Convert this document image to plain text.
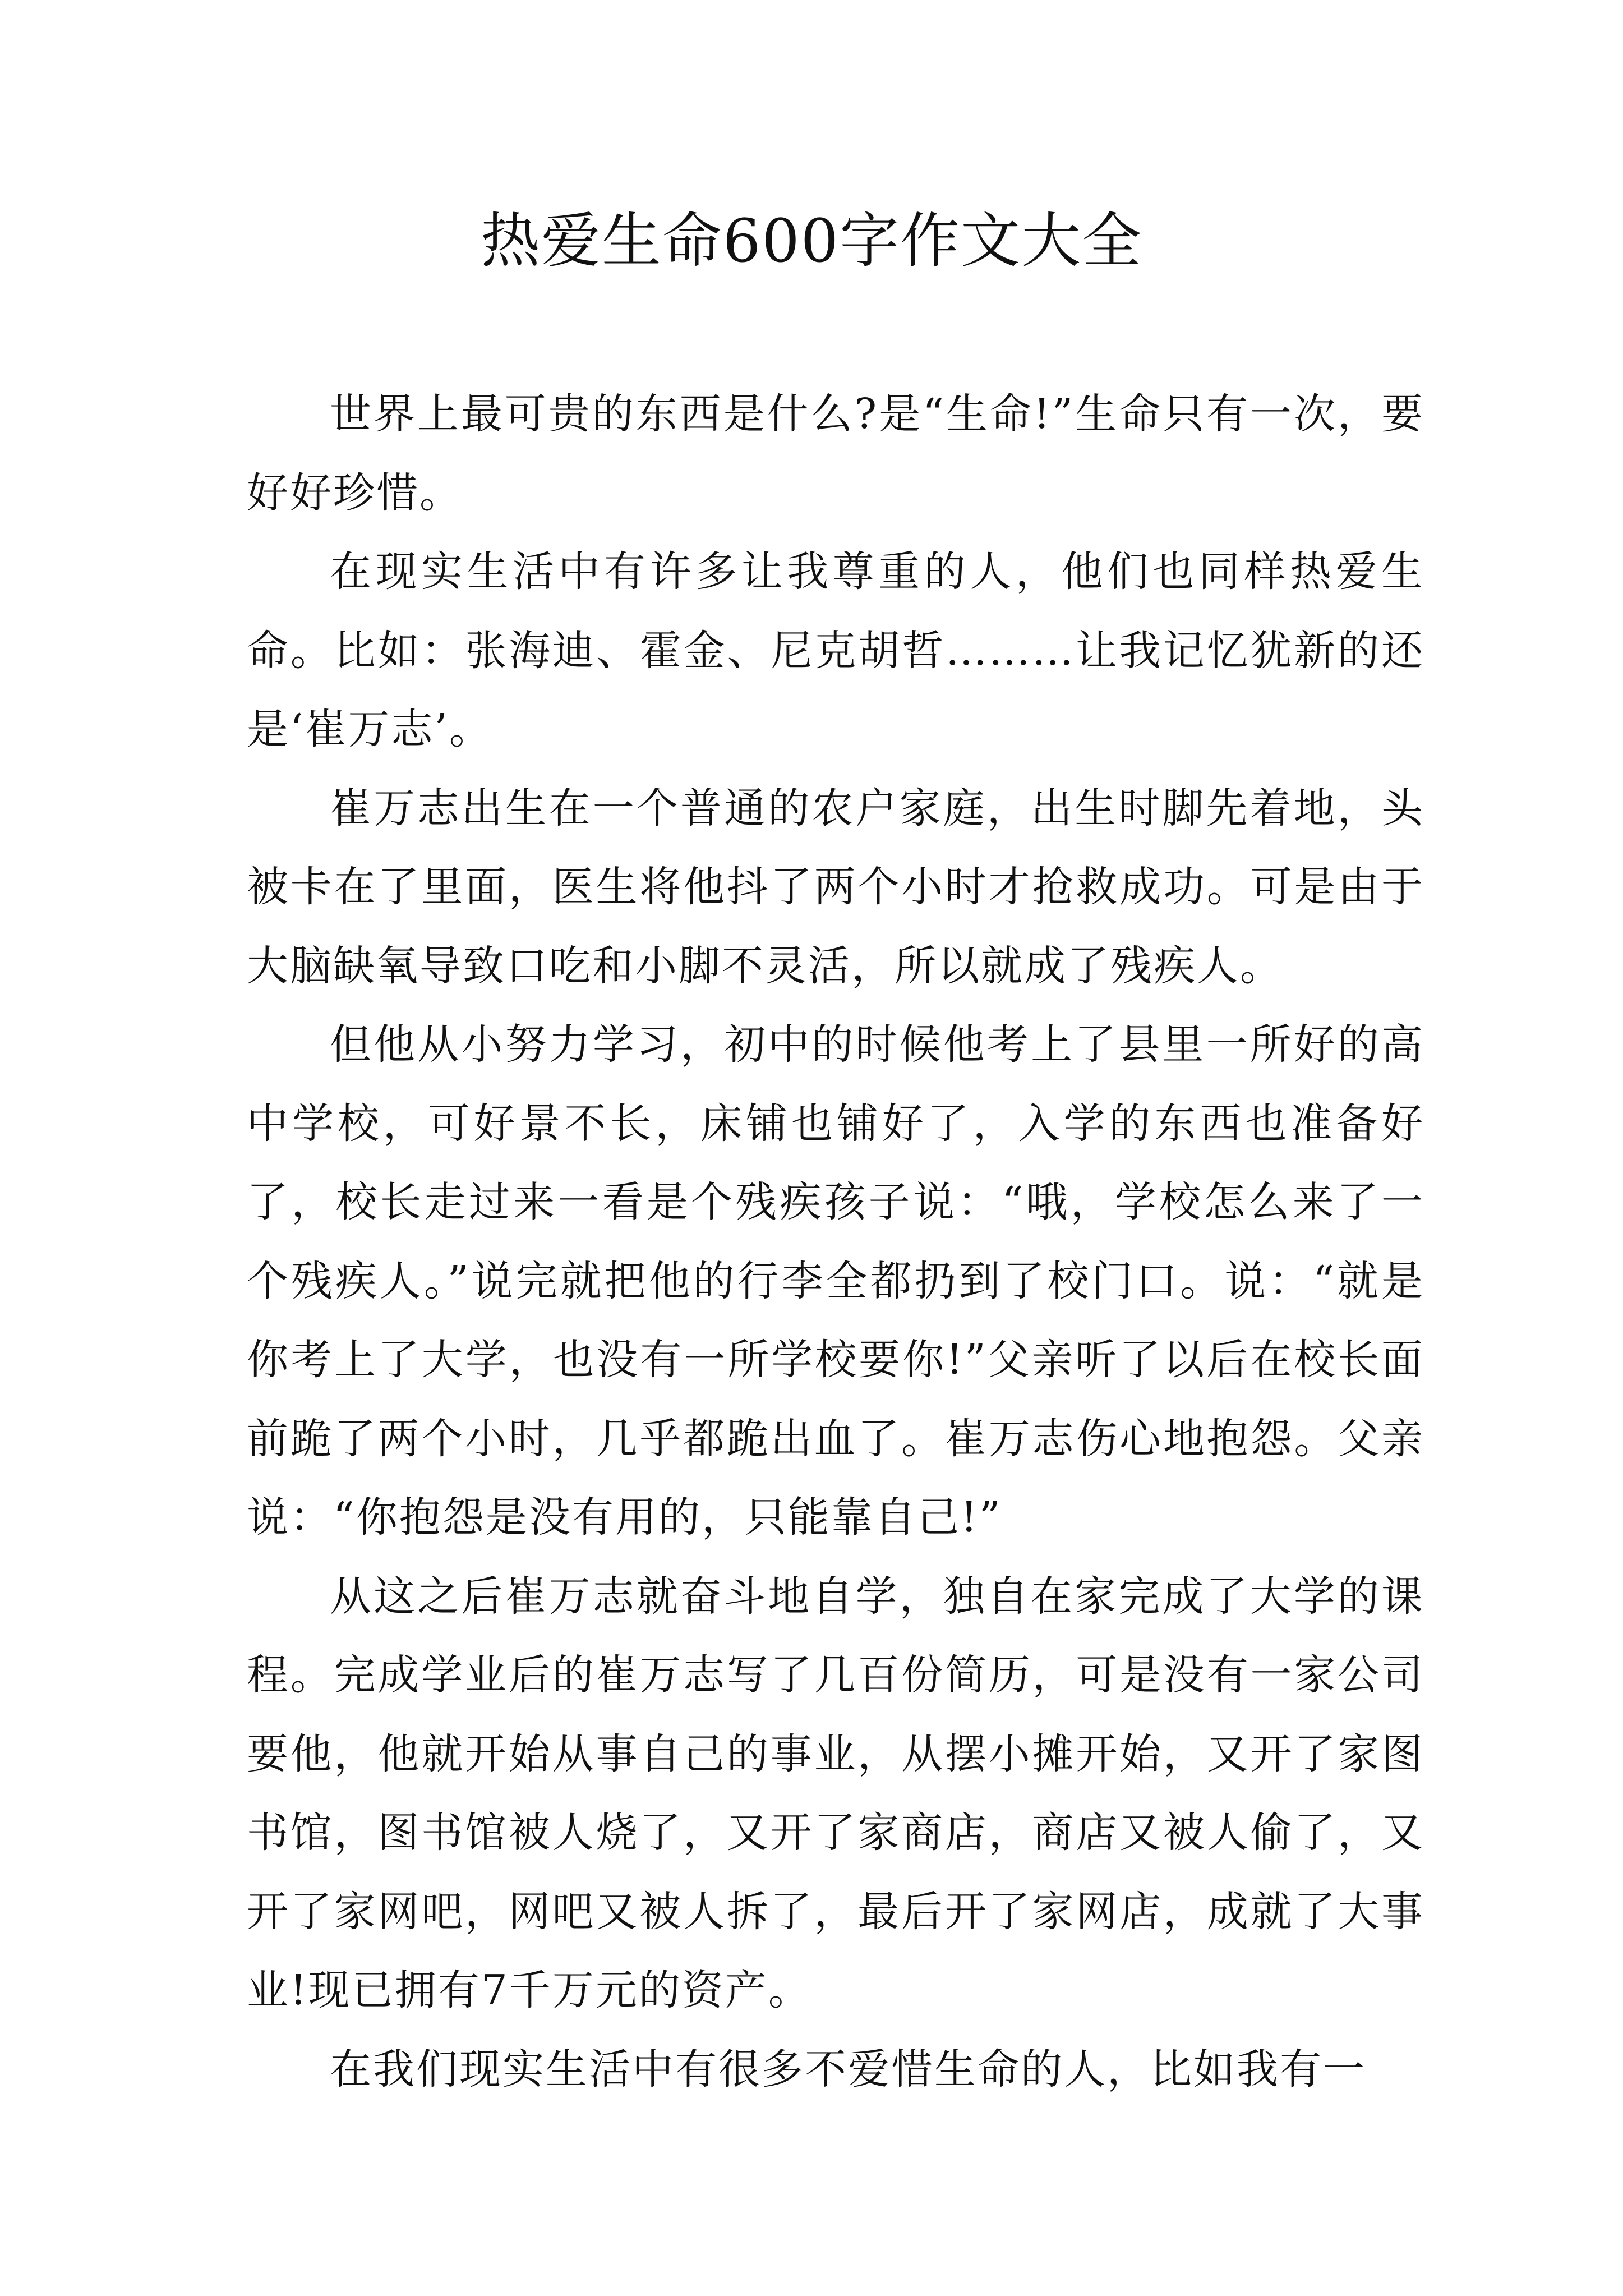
热爱生命600字作文大全

世界上最可贵的东西是什么?是“生命!”生命只有一次，要好好珍惜。

在现实生活中有许多让我尊重的人，他们也同样热爱生命。比如：张海迪、霍金、尼克胡哲………让我记忆犹新的还是‘崔万志’。

崔万志出生在一个普通的农户家庭，出生时脚先着地，头被卡在了里面，医生将他抖了两个小时才抢救成功。可是由于大脑缺氧导致口吃和小脚不灵活，所以就成了残疾人。

但他从小努力学习，初中的时候他考上了县里一所好的高中学校，可好景不长，床铺也铺好了，入学的东西也准备好了，校长走过来一看是个残疾孩子说：“哦，学校怎么来了一个残疾人。”说完就把他的行李全都扔到了校门口。说：“就是你考上了大学，也没有一所学校要你!”父亲听了以后在校长面前跪了两个小时，几乎都跪出血了。崔万志伤心地抱怨。父亲说：“你抱怨是没有用的，只能靠自己!”

从这之后崔万志就奋斗地自学，独自在家完成了大学的课程。完成学业后的崔万志写了几百份简历，可是没有一家公司要他，他就开始从事自己的事业，从摆小摊开始，又开了家图书馆，图书馆被人烧了，又开了家商店，商店又被人偷了，又开了家网吧，网吧又被人拆了，最后开了家网店，成就了大事业!现已拥有7千万元的资产。

在我们现实生活中有很多不爱惜生命的人，比如我有一
